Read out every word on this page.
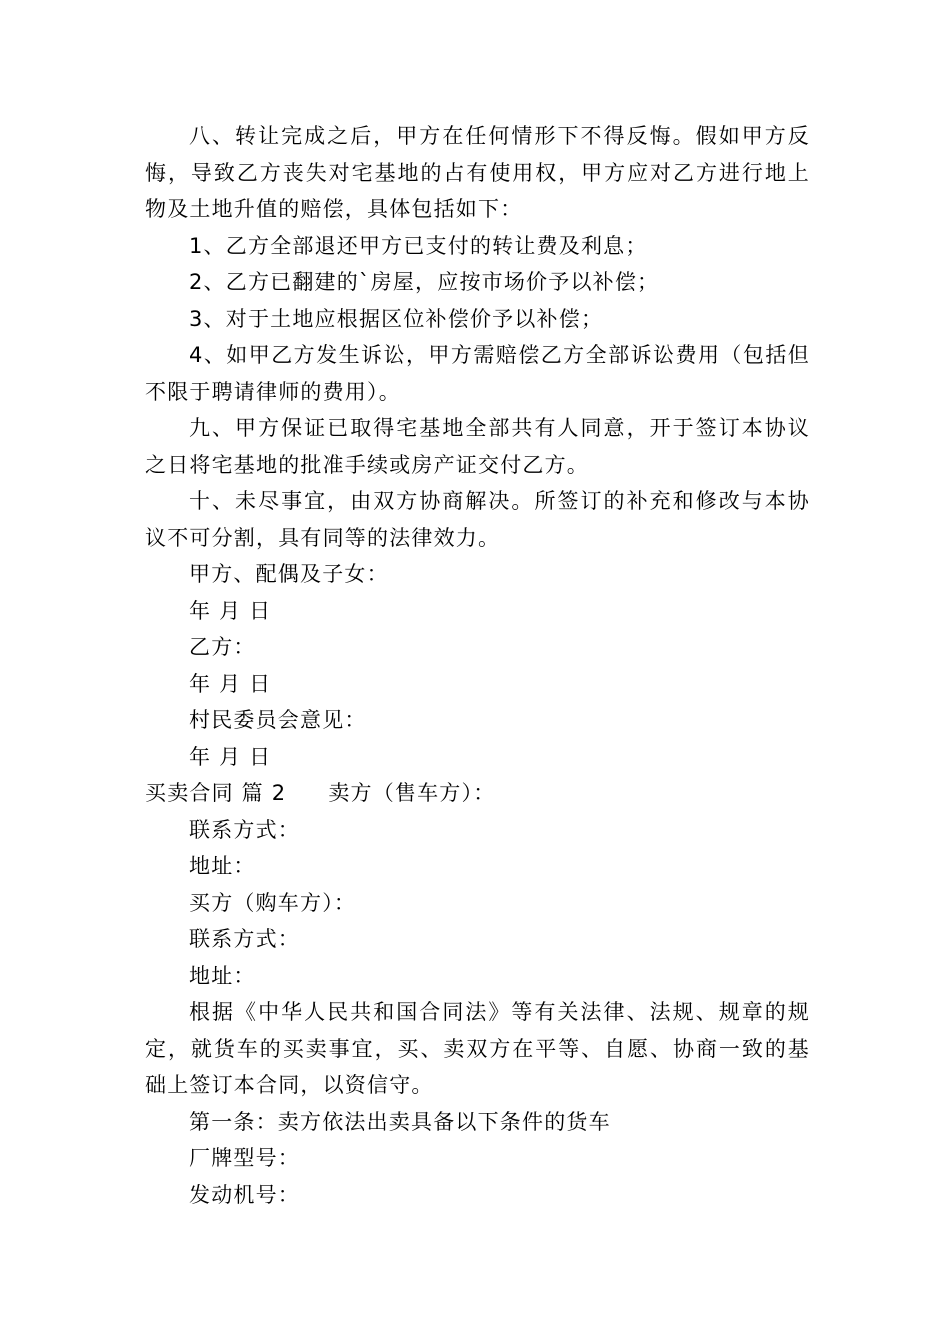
八、转让完成之后，甲方在任何情形下不得反悔。假如甲方反悔，导致乙方丧失对宅基地的占有使用权，甲方应对乙方进行地上物及土地升值的赔偿，具体包括如下：

1、乙方全部退还甲方已支付的转让费及利息；

2、乙方已翻建的`房屋，应按市场价予以补偿；

3、对于土地应根据区位补偿价予以补偿；

4、如甲乙方发生诉讼，甲方需赔偿乙方全部诉讼费用（包括但不限于聘请律师的费用）。

九、甲方保证已取得宅基地全部共有人同意，开于签订本协议之日将宅基地的批准手续或房产证交付乙方。

十、未尽事宜，由双方协商解决。所签订的补充和修改与本协议不可分割，具有同等的法律效力。

甲方、配偶及子女：

年 月 日

乙方：

年 月 日

村民委员会意见：

年 月 日

买卖合同 篇 2 卖方（售车方）：

联系方式：

地址：

买方（购车方）：

联系方式：

地址：

根据《中华人民共和国合同法》等有关法律、法规、规章的规定，就货车的买卖事宜，买、卖双方在平等、自愿、协商一致的基础上签订本合同，以资信守。

第一条：卖方依法出卖具备以下条件的货车

厂牌型号：

发动机号：
